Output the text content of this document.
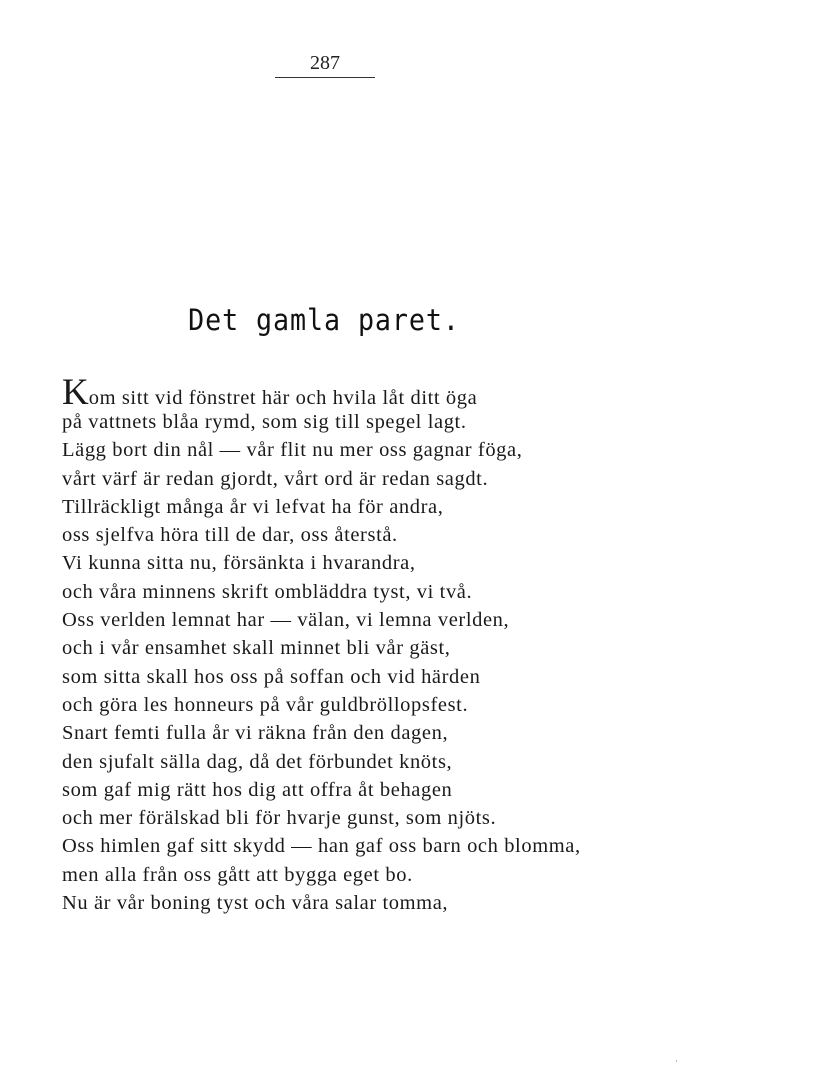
287
Det gamla paret.
Kom sitt vid fönstret här och hvila låt ditt öga
på vattnets blåa rymd, som sig till spegel lagt.
Lägg bort din nål — vår flit nu mer oss gagnar föga,
vårt värf är redan gjordt, vårt ord är redan sagdt.
Tillräckligt många år vi lefvat ha för andra,
oss sjelfva höra till de dar, oss återstå.
Vi kunna sitta nu, försänkta i hvarandra,
och våra minnens skrift ombläddra tyst, vi två.
Oss verlden lemnat har — välan, vi lemna verlden,
och i vår ensamhet skall minnet bli vår gäst,
som sitta skall hos oss på soffan och vid härden
och göra les honneurs på vår guldbröllopsfest.
Snart femti fulla år vi räkna från den dagen,
den sjufalt sälla dag, då det förbundet knöts,
som gaf mig rätt hos dig att offra åt behagen
och mer förälskad bli för hvarje gunst, som njöts.
Oss himlen gaf sitt skydd — han gaf oss barn och blomma,
men alla från oss gått att bygga eget bo.
Nu är vår boning tyst och våra salar tomma,
